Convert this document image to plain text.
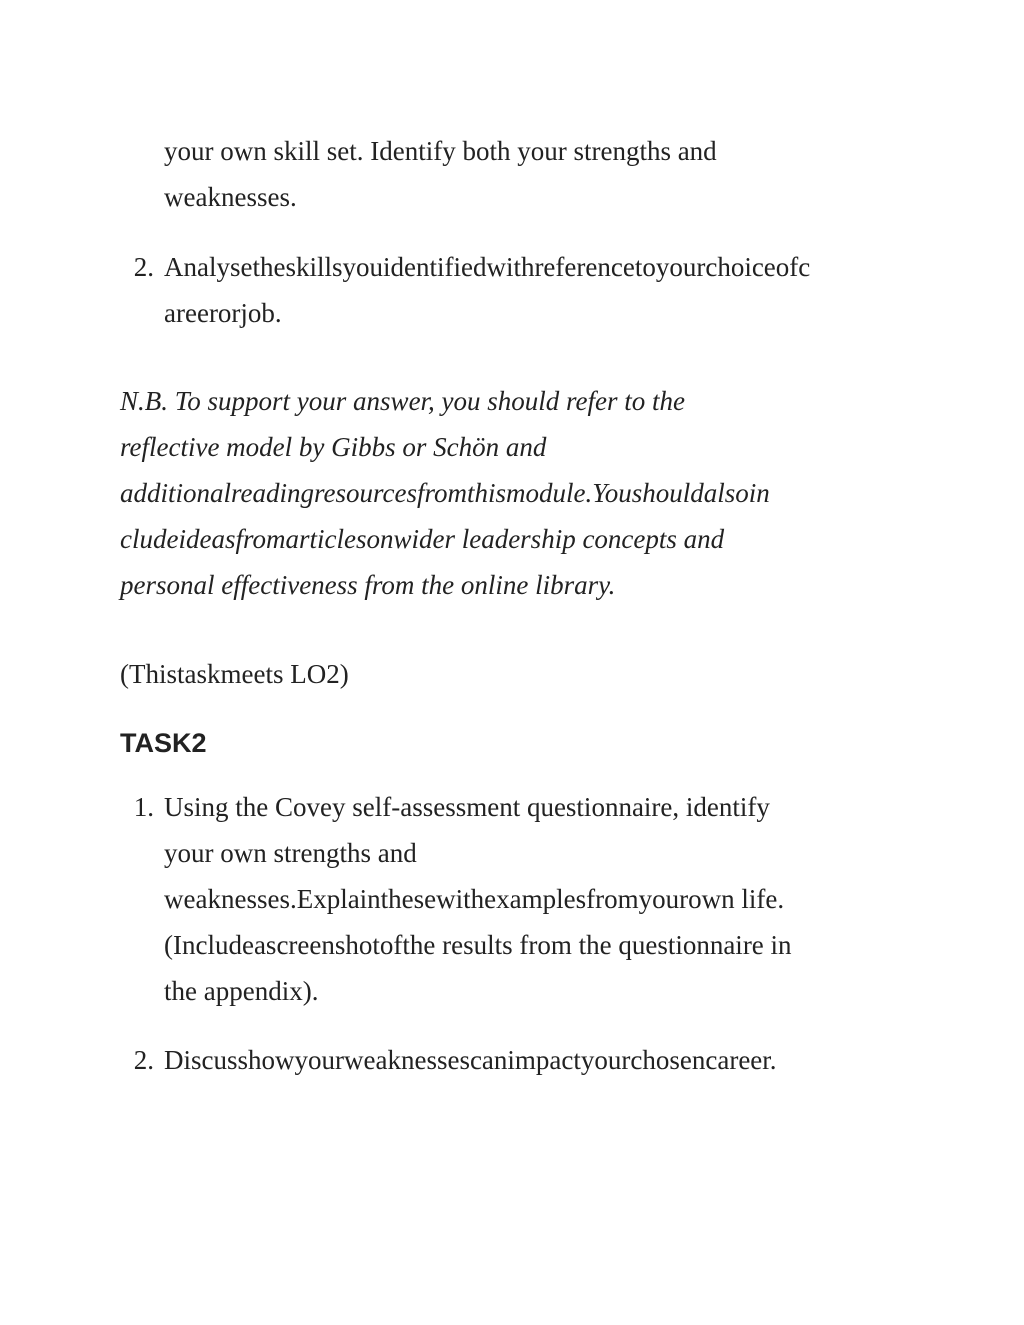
your own skill set. Identify both your strengths and
weaknesses.
2. Analysetheskillsyouidentifiedwithreferencetoyourchoiceofc
areerorjob.
N.B. To support your answer, you should refer to the
reflective model by Gibbs or Schön and
additionalreadingresourcesfromthismodule.Youshouldalsoin
cludeideasfromarticlesonwider leadership concepts and
personal effectiveness from the online library.
(Thistaskmeets LO2)
TASK2
1. Using the Covey self-assessment questionnaire, identify
your own strengths and
weaknesses.Explainthesewithexamplesfromyourown life.
(Includeascreenshotofthe results from the questionnaire in
the appendix).
2. Discusshowyourweaknessescanimpactyourchosencareer.
